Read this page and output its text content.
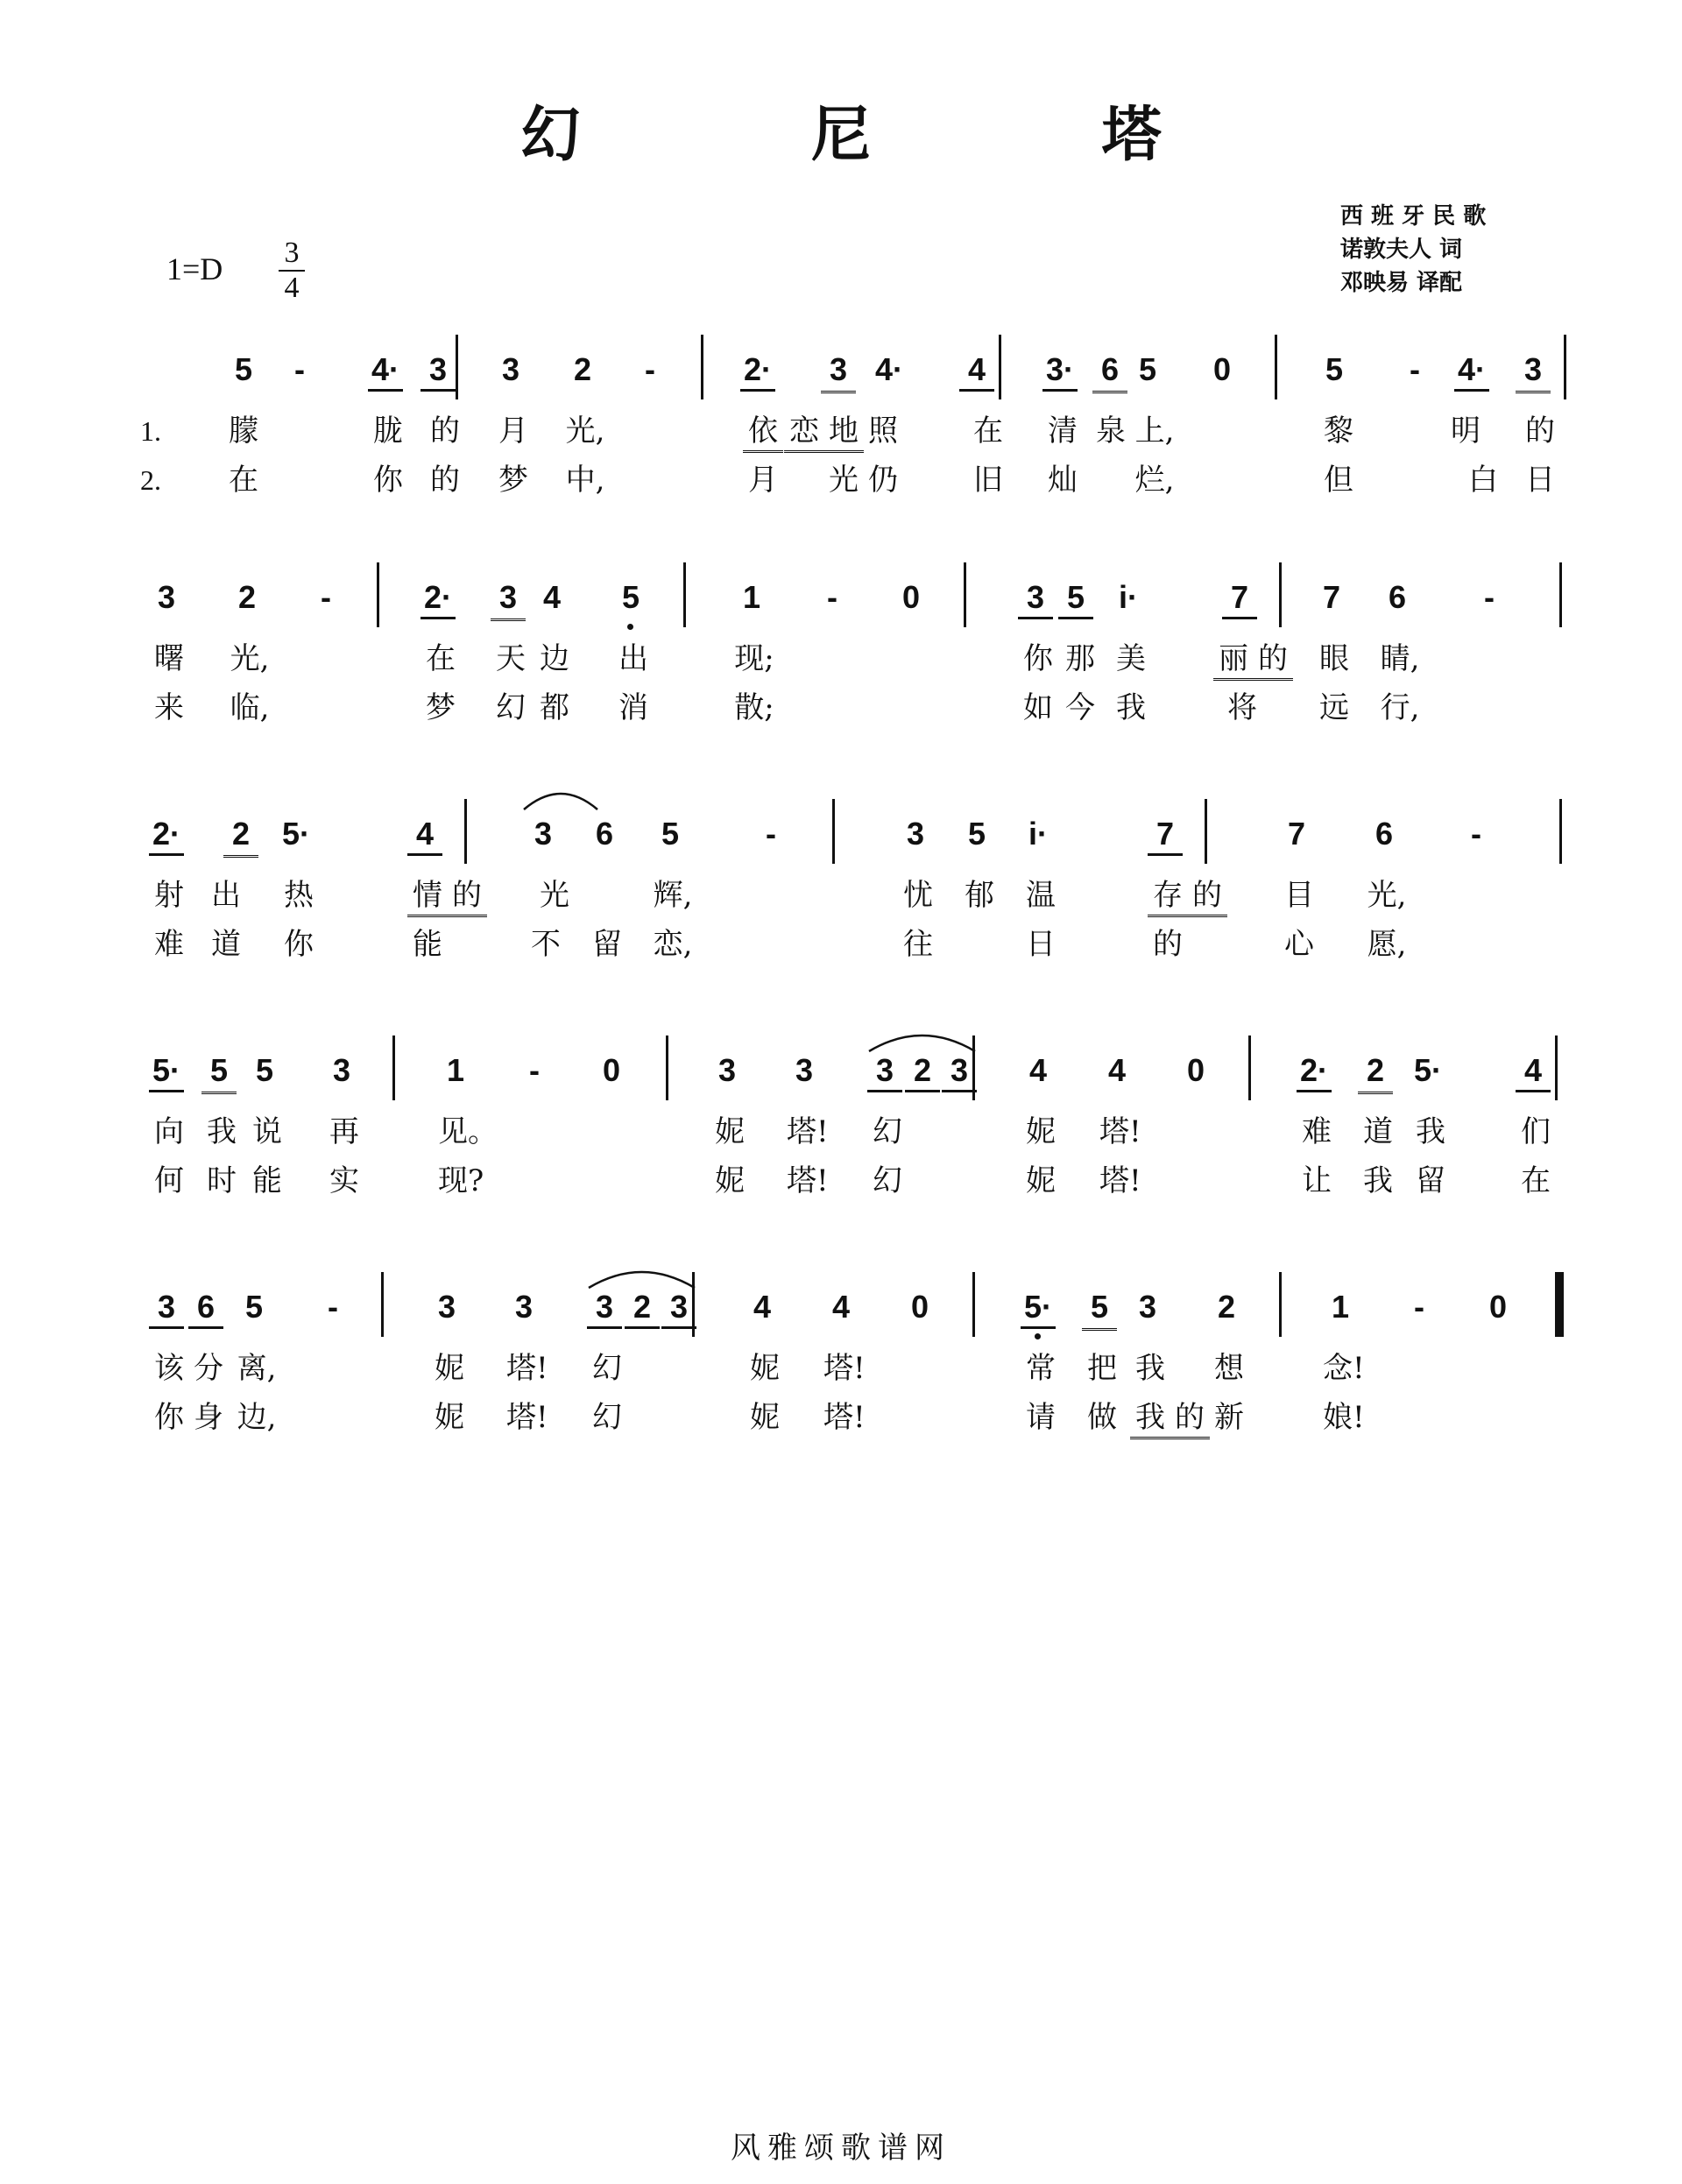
幻 尼 塔
西 班 牙 民 歌
诺敦夫人 词
邓映易 译配
1=D 3
4
5	-	4· 3 3 2	-	2· 3 4· 4 3· 6 5 0	5	-	4· 3
1. 朦	胧 的 月 光,	依 恋 地 照	在 清 泉 上,	黎	明 的
2. 在	你 的 梦 中,	月 光 仍	旧 灿 烂,	但	白 日
3 2	-	2· 3 4 5	1	-	0	3 5 i·	7 7 6	-
曙 光,	在 天 边 出	现;	你 那 美 丽 的 眼 睛,
来 临,	梦 幻 都 消	散;	如 今 我	将 远 行,
2· 2 5·	4	3 6 5	-	3 5 i·	7	7 6	-
射 出 热	情 的 光	辉,	忧 郁 温	存 的 目 光,
难 道 你	能	不 留 恋,	往	日	的	心 愿,
5· 5 5 3	1	-	0	3 3 3 2 3 4 4 0	2· 2 5·	4
向 我 说 再	见。	妮 塔! 幻	妮 塔!	难 道 我	们
何 时 能 实	现?	妮 塔! 幻	妮 塔!	让 我 留	在
3 6 5	-	3 3 3 2 3 4 4 0	5· 5 3 2	1	-	0
该 分 离,	妮 塔! 幻	妮 塔!	常 把 我 想	念!
你 身 边,	妮 塔! 幻	妮 塔!	请 做 我 的 新	娘!
风雅颂歌谱网
